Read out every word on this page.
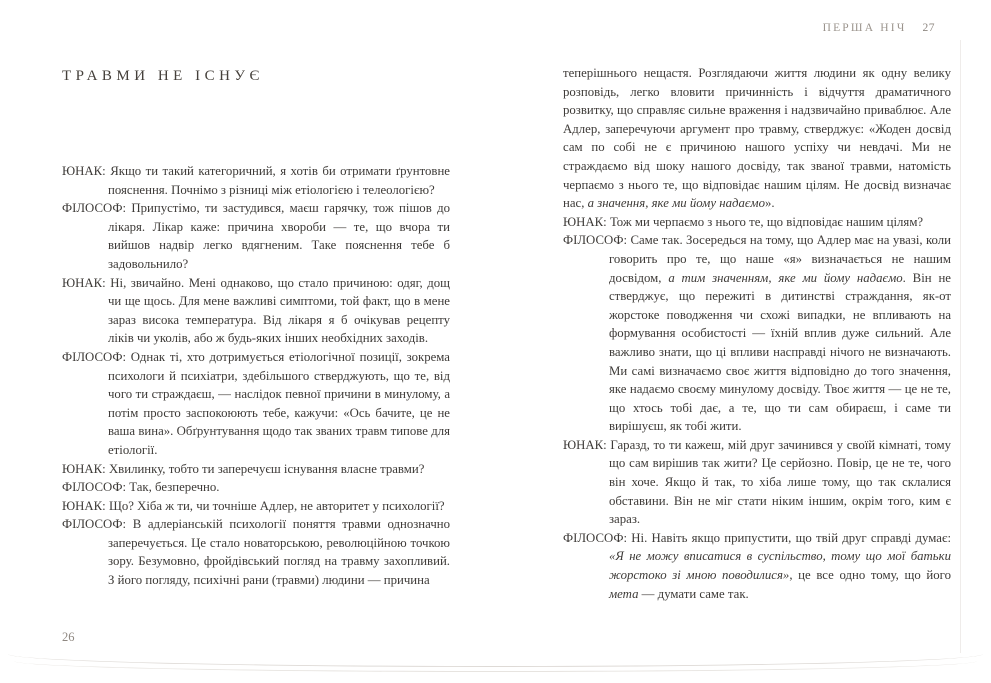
ПЕРША НІЧ 27
ТРАВМИ НЕ ІСНУЄ
ЮНАК: Якщо ти такий категоричний, я хотів би отримати ґрунтовне пояснення. Почнімо з різниці між етіологією і телеологією?
ФІЛОСОФ: Припустімо, ти застудився, маєш гарячку, тож пішов до лікаря. Лікар каже: причина хвороби — те, що вчора ти вийшов надвір легко вдягненим. Таке пояснення тебе б задовольнило?
ЮНАК: Ні, звичайно. Мені однаково, що стало причиною: одяг, дощ чи ще щось. Для мене важливі симптоми, той факт, що в мене зараз висока температура. Від лікаря я б очікував рецепту ліків чи уколів, або ж будь-яких інших необхідних заходів.
ФІЛОСОФ: Однак ті, хто дотримується етіологічної позиції, зокрема психологи й психіатри, здебільшого стверджують, що те, від чого ти страждаєш, — наслідок певної причини в минулому, а потім просто заспокоюють тебе, кажучи: «Ось бачите, це не ваша вина». Обґрунтування щодо так званих травм типове для етіології.
ЮНАК: Хвилинку, тобто ти заперечуєш існування власне травми?
ФІЛОСОФ: Так, безперечно.
ЮНАК: Що? Хіба ж ти, чи точніше Адлер, не авторитет у психології?
ФІЛОСОФ: В адлеріанській психології поняття травми однозначно заперечується. Це стало новаторською, революційною точкою зору. Безумовно, фройдівський погляд на травму захопливий. З його погляду, психічні рани (травми) людини — причина
теперішнього нещастя. Розглядаючи життя людини як одну велику розповідь, легко вловити причинність і відчуття драматичного розвитку, що справляє сильне враження і надзвичайно приваблює. Але Адлер, заперечуючи аргумент про травму, стверджує: «Жоден досвід сам по собі не є причиною нашого успіху чи невдачі. Ми не страждаємо від шоку нашого досвіду, так званої травми, натомість черпаємо з нього те, що відповідає нашим цілям. Не досвід визначає нас, а значення, яке ми йому надаємо».
ЮНАК: Тож ми черпаємо з нього те, що відповідає нашим цілям?
ФІЛОСОФ: Саме так. Зосередься на тому, що Адлер має на увазі, коли говорить про те, що наше «я» визначається не нашим досвідом, а тим значенням, яке ми йому надаємо. Він не стверджує, що пережиті в дитинстві страждання, як-от жорстоке поводження чи схожі випадки, не впливають на формування особистості — їхній вплив дуже сильний. Але важливо знати, що ці впливи насправді нічого не визначають. Ми самі визначаємо своє життя відповідно до того значення, яке надаємо своєму минулому досвіду. Твоє життя — це не те, що хтось тобі дає, а те, що ти сам обираєш, і саме ти вирішуєш, як тобі жити.
ЮНАК: Гаразд, то ти кажеш, мій друг зачинився у своїй кімнаті, тому що сам вирішив так жити? Це серйозно. Повір, це не те, чого він хоче. Якщо й так, то хіба лише тому, що так склалися обставини. Він не міг стати ніким іншим, окрім того, ким є зараз.
ФІЛОСОФ: Ні. Навіть якщо припустити, що твій друг справді думає: «Я не можу вписатися в суспільство, тому що мої батьки жорстоко зі мною поводилися», це все одно тому, що його мета — думати саме так.
26
